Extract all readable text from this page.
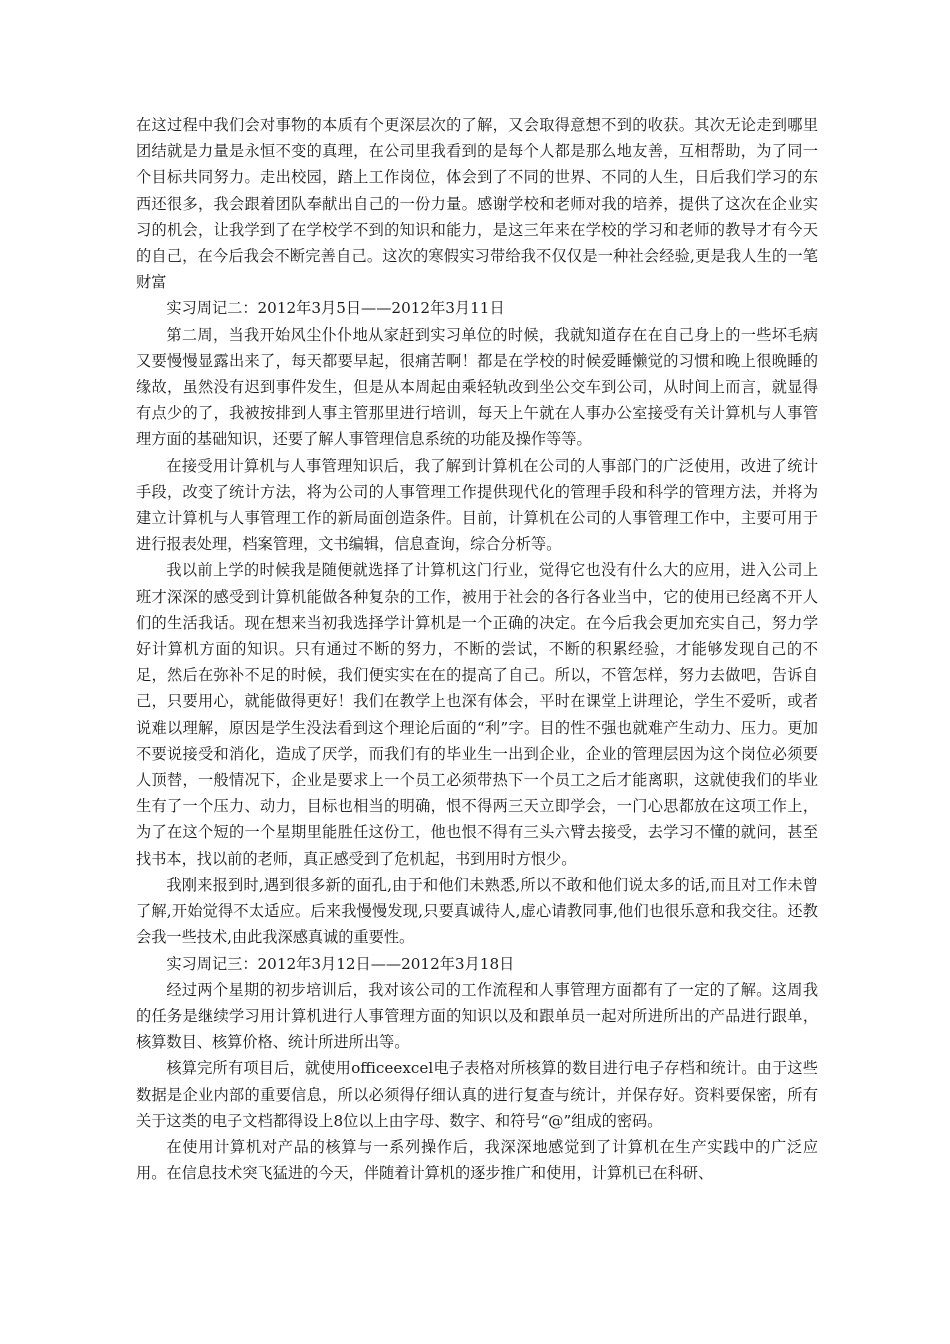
在这过程中我们会对事物的本质有个更深层次的了解，又会取得意想不到的收获。其次无论走到哪里团结就是力量是永恒不变的真理，在公司里我看到的是每个人都是那么地友善，互相帮助，为了同一个目标共同努力。走出校园，踏上工作岗位，体会到了不同的世界、不同的人生，日后我们学习的东西还很多，我会跟着团队奉献出自己的一份力量。感谢学校和老师对我的培养，提供了这次在企业实习的机会，让我学到了在学校学不到的知识和能力，是这三年来在学校的学习和老师的教导才有今天的自己，在今后我会不断完善自己。这次的寒假实习带给我不仅仅是一种社会经验,更是我人生的一笔财富

实习周记二：2012年3月5日——2012年3月11日

第二周，当我开始风尘仆仆地从家赶到实习单位的时候，我就知道存在在自己身上的一些坏毛病又要慢慢显露出来了，每天都要早起，很痛苦啊！都是在学校的时候爱睡懒觉的习惯和晚上很晚睡的缘故，虽然没有迟到事件发生，但是从本周起由乘轻轨改到坐公交车到公司，从时间上而言，就显得有点少的了，我被按排到人事主管那里进行培训，每天上午就在人事办公室接受有关计算机与人事管理方面的基础知识，还要了解人事管理信息系统的功能及操作等等。

在接受用计算机与人事管理知识后，我了解到计算机在公司的人事部门的广泛使用，改进了统计手段，改变了统计方法，将为公司的人事管理工作提供现代化的管理手段和科学的管理方法，并将为建立计算机与人事管理工作的新局面创造条件。目前，计算机在公司的人事管理工作中，主要可用于进行报表处理，档案管理，文书编辑，信息查询，综合分析等。

我以前上学的时候我是随便就选择了计算机这门行业，觉得它也没有什么大的应用，进入公司上班才深深的感受到计算机能做各种复杂的工作，被用于社会的各行各业当中，它的使用已经离不开人们的生活我话。现在想来当初我选择学计算机是一个正确的决定。在今后我会更加充实自己，努力学好计算机方面的知识。只有通过不断的努力，不断的尝试，不断的积累经验，才能够发现自己的不足，然后在弥补不足的时候，我们便实实在在的提高了自己。所以，不管怎样，努力去做吧，告诉自己，只要用心，就能做得更好！我们在教学上也深有体会，平时在课堂上讲理论，学生不爱听，或者说难以理解，原因是学生没法看到这个理论后面的“利”字。目的性不强也就难产生动力、压力。更加不要说接受和消化，造成了厌学，而我们有的毕业生一出到企业，企业的管理层因为这个岗位必须要人顶替，一般情况下，企业是要求上一个员工必须带热下一个员工之后才能离职，这就使我们的毕业生有了一个压力、动力，目标也相当的明确，恨不得两三天立即学会，一门心思都放在这项工作上，为了在这个短的一个星期里能胜任这份工，他也恨不得有三头六臂去接受，去学习不懂的就问，甚至找书本，找以前的老师，真正感受到了危机起，书到用时方恨少。

我刚来报到时,遇到很多新的面孔,由于和他们未熟悉,所以不敢和他们说太多的话,而且对工作未曾了解,开始觉得不太适应。后来我慢慢发现,只要真诚待人,虚心请教同事,他们也很乐意和我交往。还教会我一些技术,由此我深感真诚的重要性。

实习周记三：2012年3月12日——2012年3月18日

经过两个星期的初步培训后，我对该公司的工作流程和人事管理方面都有了一定的了解。这周我的任务是继续学习用计算机进行人事管理方面的知识以及和跟单员一起对所进所出的产品进行跟单，核算数目、核算价格、统计所进所出等。

核算完所有项目后，就使用officeexcel电子表格对所核算的数目进行电子存档和统计。由于这些数据是企业内部的重要信息，所以必须得仔细认真的进行复查与统计，并保存好。资料要保密，所有关于这类的电子文档都得设上8位以上由字母、数字、和符号“@”组成的密码。

在使用计算机对产品的核算与一系列操作后，我深深地感觉到了计算机在生产实践中的广泛应用。在信息技术突飞猛进的今天，伴随着计算机的逐步推广和使用，计算机已在科研、
